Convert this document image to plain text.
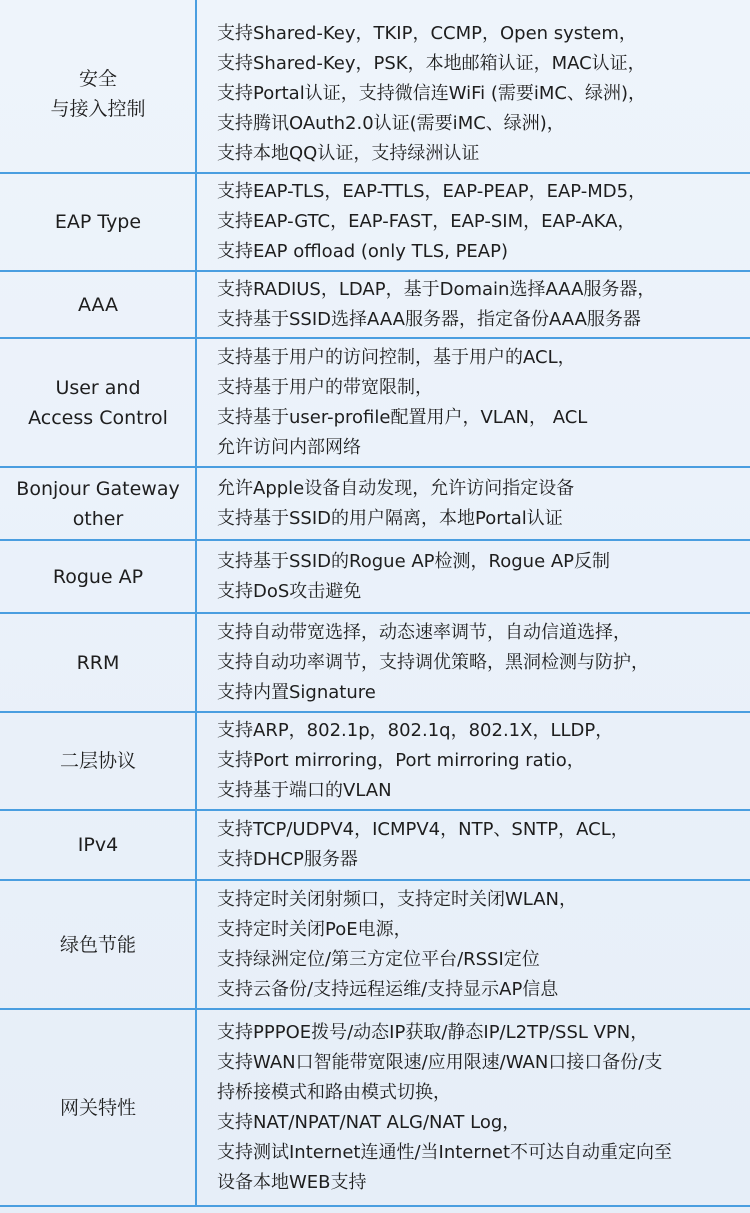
安全
与接入控制
支持Shared-Key，TKIP，CCMP，Open system，
支持Shared-Key，PSK，本地邮箱认证，MAC认证，
支持Portal认证，支持微信连WiFi (需要iMC、绿洲)，
支持腾讯OAuth2.0认证(需要iMC、绿洲)，
支持本地QQ认证，支持绿洲认证
EAP Type
支持EAP-TLS，EAP-TTLS，EAP-PEAP，EAP-MD5，
支持EAP-GTC，EAP-FAST，EAP-SIM，EAP-AKA，
支持EAP offload (only TLS, PEAP)
AAA
支持RADIUS，LDAP，基于Domain选择AAA服务器，
支持基于SSID选择AAA服务器，指定备份AAA服务器
User and
Access Control
支持基于用户的访问控制，基于用户的ACL，
支持基于用户的带宽限制，
支持基于user-profile配置用户，VLAN， ACL
允许访问内部网络
Bonjour Gateway
other
允许Apple设备自动发现，允许访问指定设备
支持基于SSID的用户隔离，本地Portal认证
Rogue AP
支持基于SSID的Rogue AP检测，Rogue AP反制
支持DoS攻击避免
RRM
支持自动带宽选择，动态速率调节，自动信道选择，
支持自动功率调节，支持调优策略，黑洞检测与防护，
支持内置Signature
二层协议
支持ARP，802.1p，802.1q，802.1X，LLDP，
支持Port mirroring，Port mirroring ratio，
支持基于端口的VLAN
IPv4
支持TCP/UDPV4，ICMPV4，NTP、SNTP，ACL，
支持DHCP服务器
绿色节能
支持定时关闭射频口，支持定时关闭WLAN，
支持定时关闭PoE电源，
支持绿洲定位/第三方定位平台/RSSI定位
支持云备份/支持远程运维/支持显示AP信息
网关特性
支持PPPOE拨号/动态IP获取/静态IP/L2TP/SSL VPN，
支持WAN口智能带宽限速/应用限速/WAN口接口备份/支
持桥接模式和路由模式切换，
支持NAT/NPAT/NAT ALG/NAT Log，
支持测试Internet连通性/当Internet不可达自动重定向至
设备本地WEB支持
